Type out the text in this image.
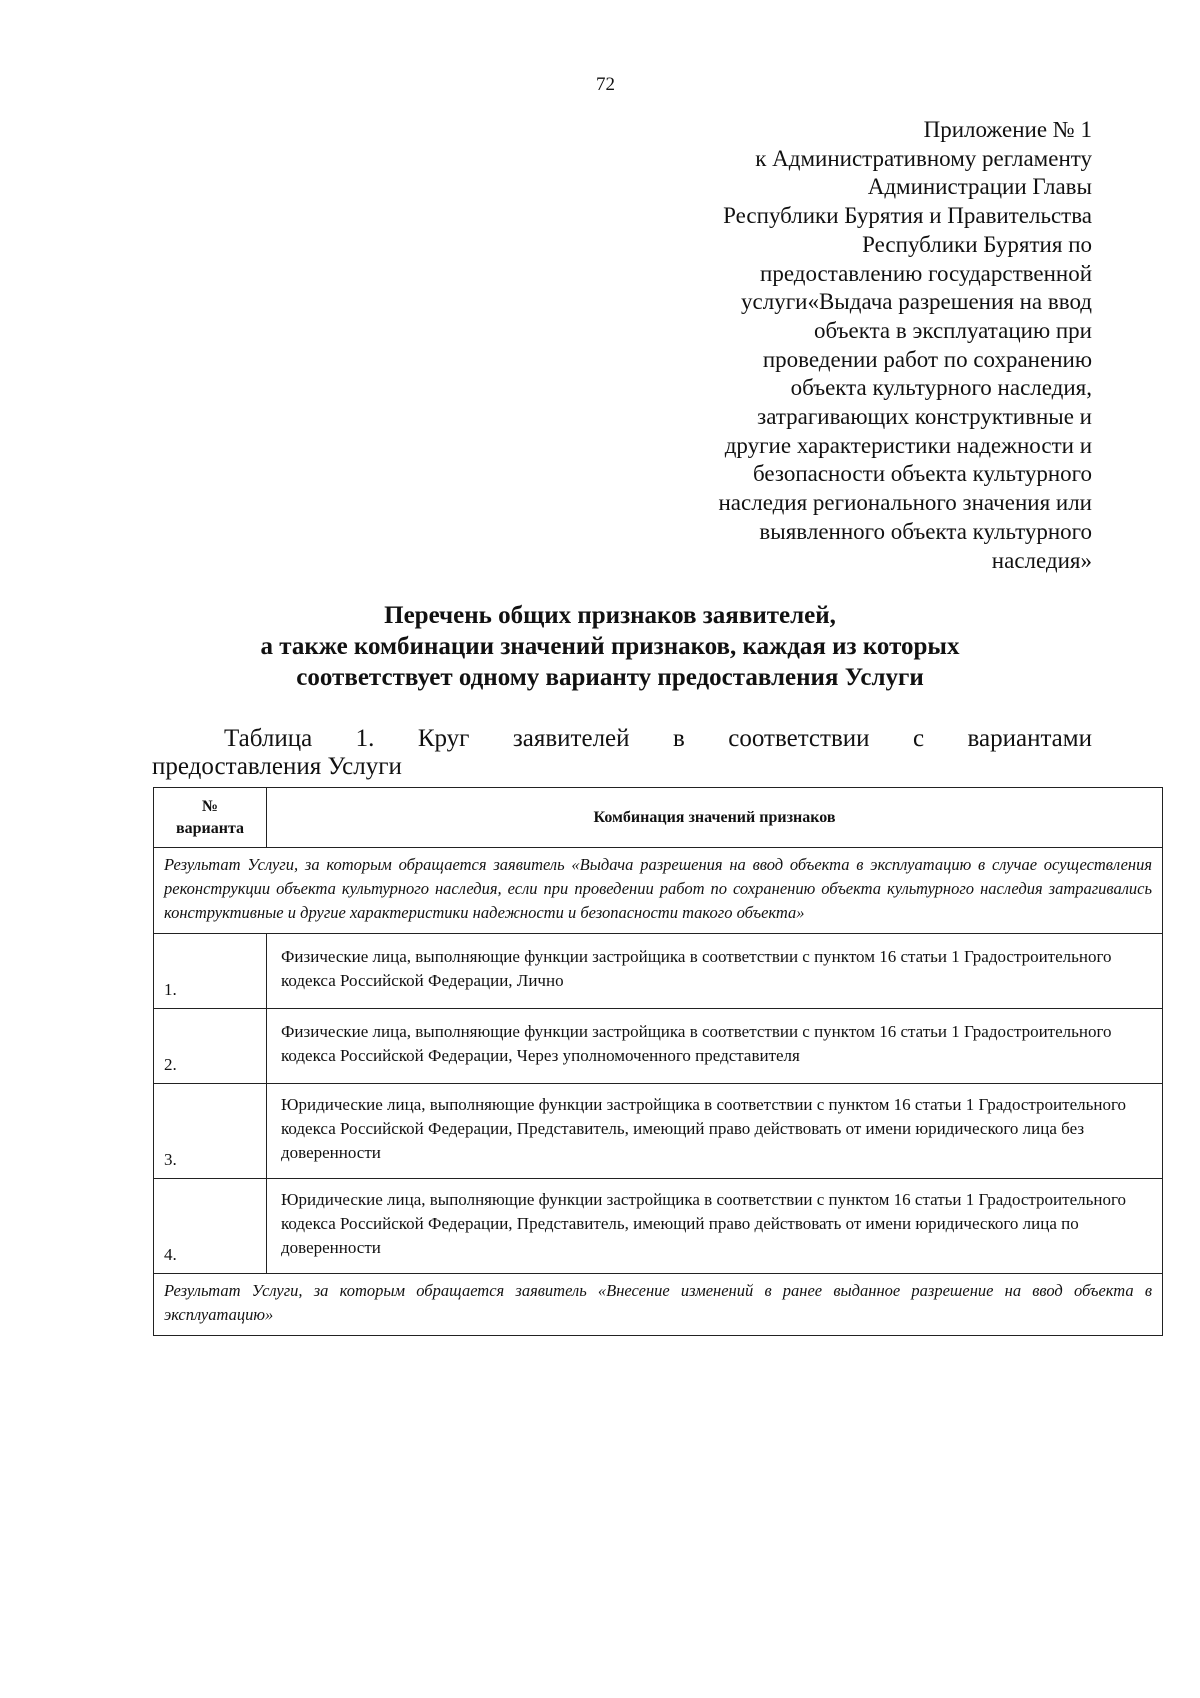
72
Приложение № 1
к Административному регламенту
Администрации Главы
Республики Бурятия и Правительства
Республики Бурятия по
предоставлению государственной
услуги«Выдача разрешения на ввод
объекта в эксплуатацию при
проведении работ по сохранению
объекта культурного наследия,
затрагивающих конструктивные и
другие характеристики надежности и
безопасности объекта культурного
наследия регионального значения или
выявленного объекта культурного
наследия»
Перечень общих признаков заявителей,
а также комбинации значений признаков, каждая из которых
соответствует одному варианту предоставления Услуги
Таблица 1. Круг заявителей в соответствии с вариантами
предоставления Услуги
№
варианта	Комбинация значений признаков
Результат Услуги, за которым обращается заявитель «Выдача разрешения на ввод объекта в эксплуатацию в случае осуществления реконструкции объекта культурного наследия, если при проведении работ по сохранению объекта культурного наследия затрагивались конструктивные и другие характеристики надежности и безопасности такого объекта»	
1.	Физические лица, выполняющие функции застройщика в соответствии с пунктом 16 статьи 1 Градостроительного кодекса Российской Федерации, Лично
2.	Физические лица, выполняющие функции застройщика в соответствии с пунктом 16 статьи 1 Градостроительного кодекса Российской Федерации, Через уполномоченного представителя
3.	Юридические лица, выполняющие функции застройщика в соответствии с пунктом 16 статьи 1 Градостроительного кодекса Российской Федерации, Представитель, имеющий право действовать от имени юридического лица без доверенности
4.	Юридические лица, выполняющие функции застройщика в соответствии с пунктом 16 статьи 1 Градостроительного кодекса Российской Федерации, Представитель, имеющий право действовать от имени юридического лица по доверенности
Результат Услуги, за которым обращается заявитель «Внесение изменений в ранее выданное разрешение на ввод объекта в эксплуатацию»	
